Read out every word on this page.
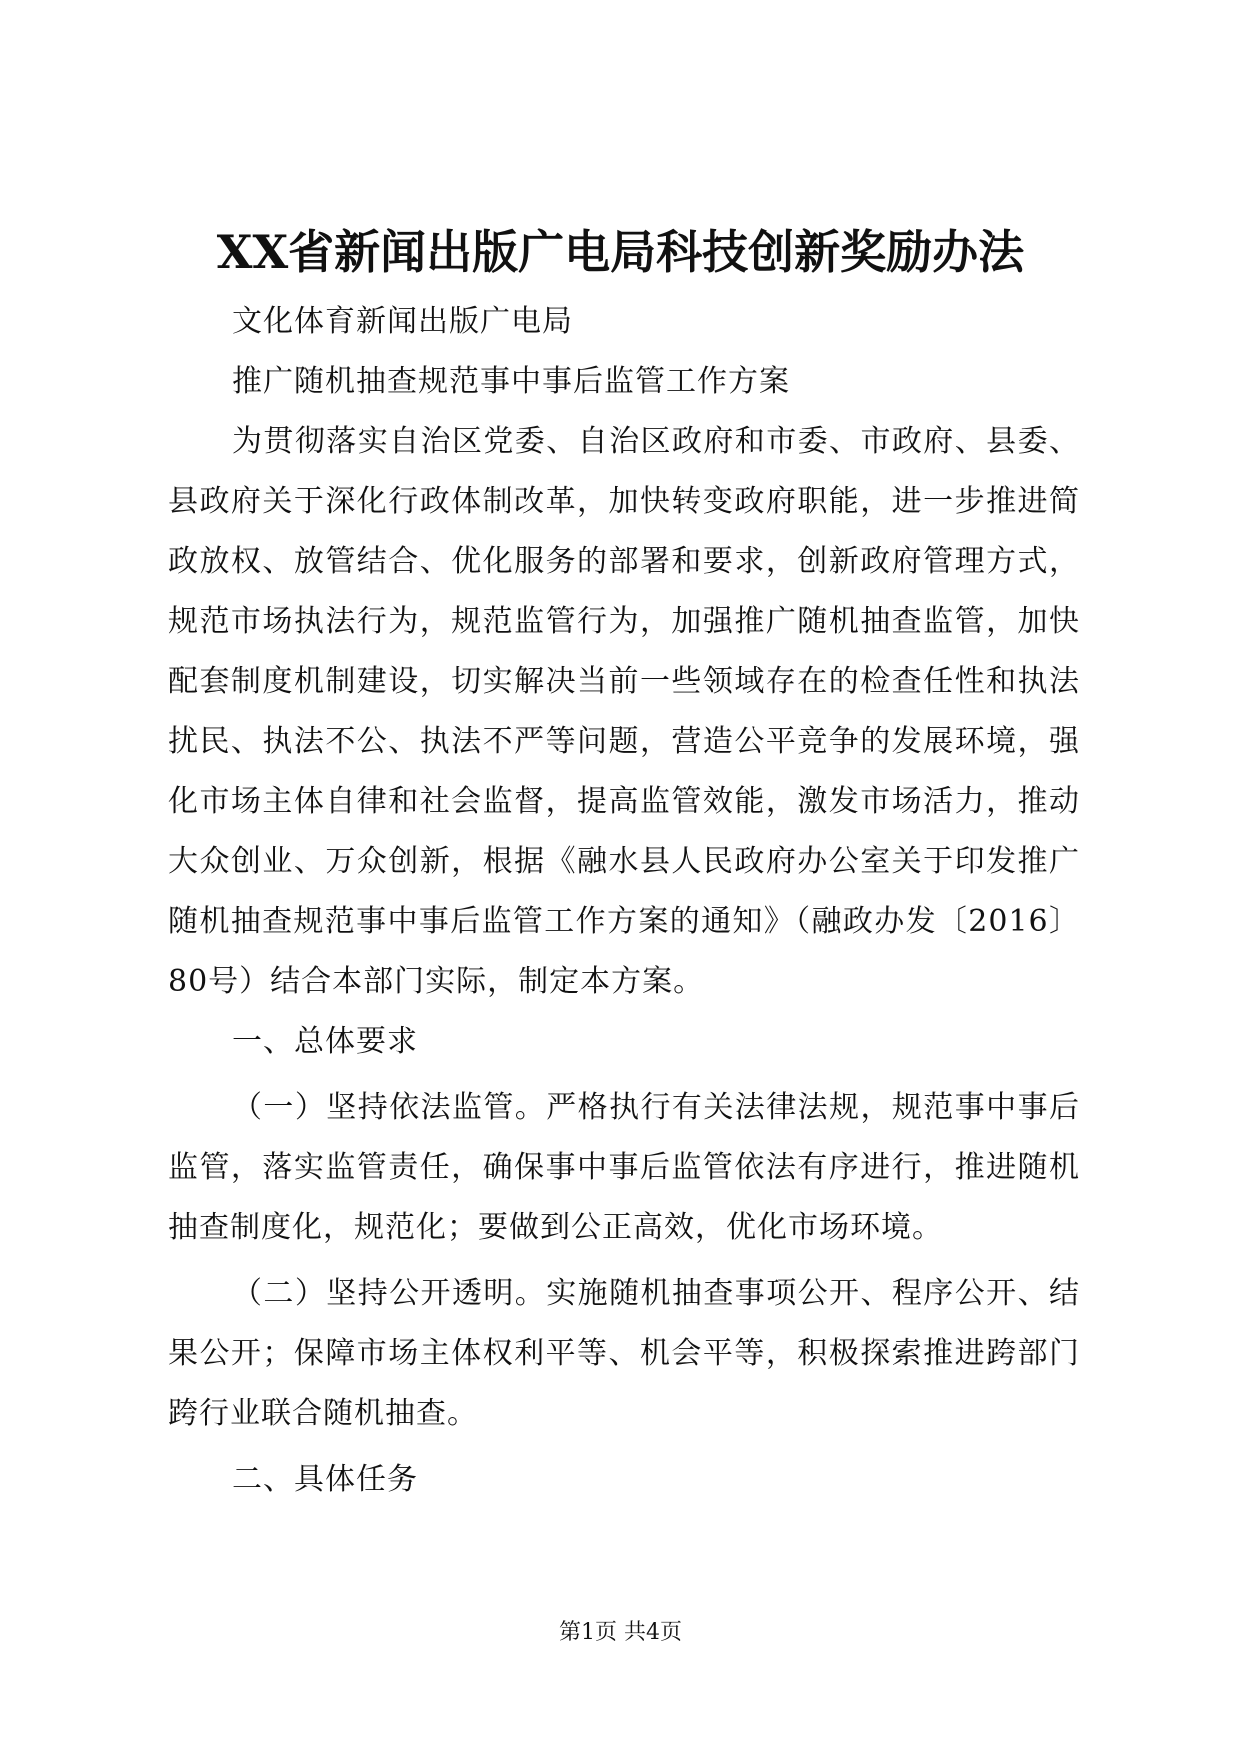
XX省新闻出版广电局科技创新奖励办法

文化体育新闻出版广电局

推广随机抽查规范事中事后监管工作方案

为贯彻落实自治区党委、自治区政府和市委、市政府、县委、县政府关于深化行政体制改革，加快转变政府职能，进一步推进简政放权、放管结合、优化服务的部署和要求，创新政府管理方式，规范市场执法行为，规范监管行为，加强推广随机抽查监管，加快配套制度机制建设，切实解决当前一些领域存在的检查任性和执法扰民、执法不公、执法不严等问题，营造公平竞争的发展环境，强化市场主体自律和社会监督，提高监管效能，激发市场活力，推动大众创业、万众创新，根据《融水县人民政府办公室关于印发推广随机抽查规范事中事后监管工作方案的通知》（融政办发〔2016〕80号）结合本部门实际，制定本方案。

一、总体要求

（一）坚持依法监管。严格执行有关法律法规，规范事中事后监管，落实监管责任，确保事中事后监管依法有序进行，推进随机抽查制度化，规范化；要做到公正高效，优化市场环境。

（二）坚持公开透明。实施随机抽查事项公开、程序公开、结果公开；保障市场主体权利平等、机会平等，积极探索推进跨部门跨行业联合随机抽查。

二、具体任务

第1页 共4页
